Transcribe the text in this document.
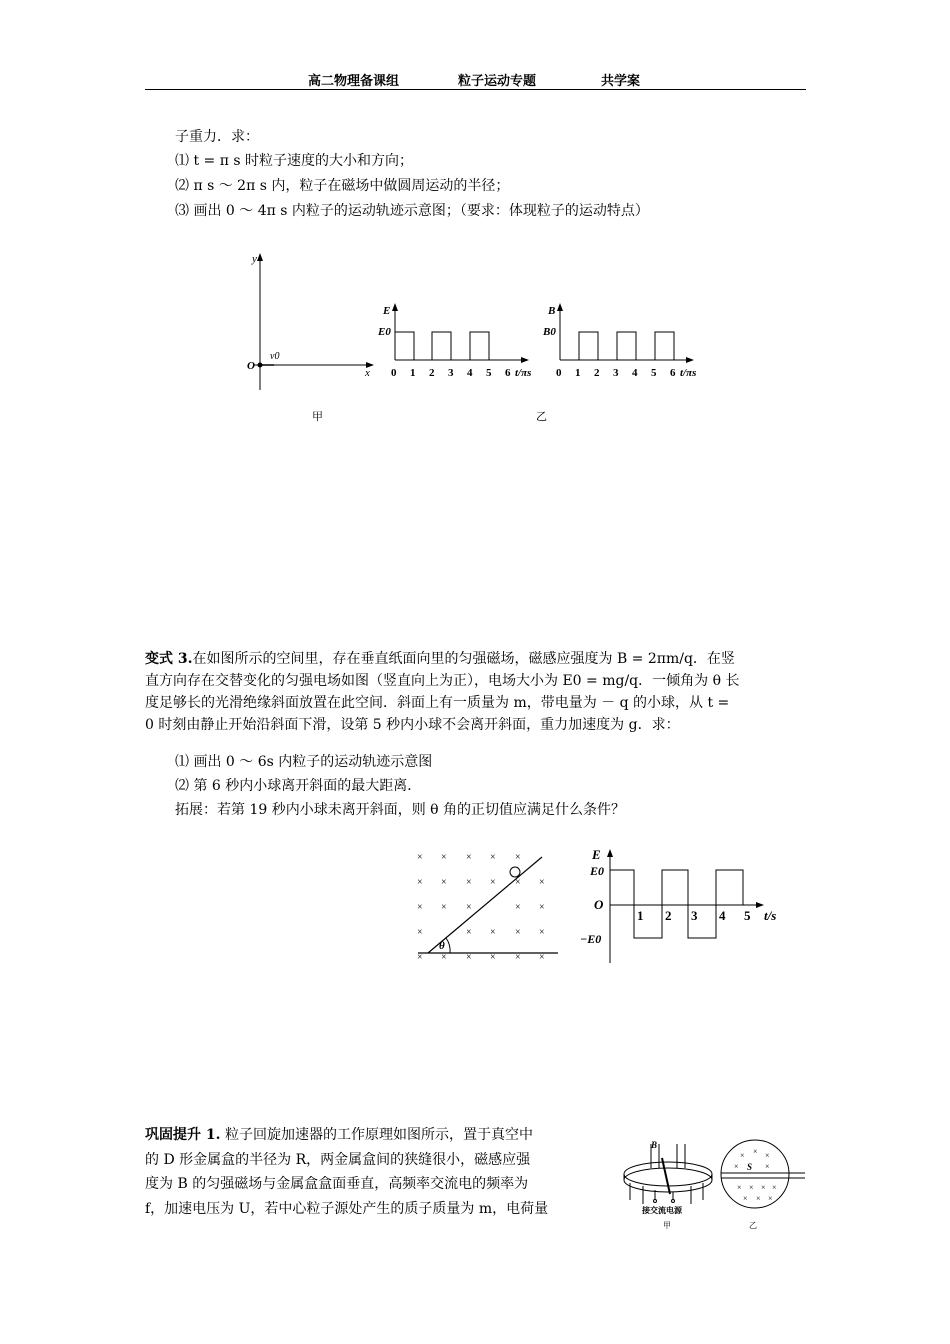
高二物理备课组	粒子运动专题	共学案
子重力．求：
⑴ t = π s 时粒子速度的大小和方向；
⑵ π s ～ 2π s 内，粒子在磁场中做圆周运动的半径；
⑶ 画出 0 ～ 4π s 内粒子的运动轨迹示意图；（要求：体现粒子的运动特点）
y
x
O
v0
甲
E
E0
0 1 2 3 4 5 6 t/πs
B
B0
0 1 2 3 4 5 6 t/πs
乙
变式 3.在如图所示的空间里，存在垂直纸面向里的匀强磁场，磁感应强度为 B = 2πm/q．在竖
直方向存在交替变化的匀强电场如图（竖直向上为正），电场大小为 E0 = mg/q．一倾角为 θ 长
度足够长的光滑绝缘斜面放置在此空间．斜面上有一质量为 m，带电量为 － q 的小球，从 t =
0 时刻由静止开始沿斜面下滑，设第 5 秒内小球不会离开斜面，重力加速度为 g．求：
⑴ 画出 0 ～ 6s 内粒子的运动轨迹示意图
⑵ 第 6 秒内小球离开斜面的最大距离．
拓展：若第 19 秒内小球未离开斜面，则 θ 角的正切值应满足什么条件？
× × × × ×
× × × × × ×
× × ×	× ×
×	× × × ×
× × × × × ×
θ
E
E0
O
−E0
1 2 3 4 5 t/s
巩固提升 1. 粒子回旋加速器的工作原理如图所示，置于真空中
的 D 形金属盒的半径为 R，两金属盒间的狭缝很小，磁感应强
度为 B 的匀强磁场与金属盒盒面垂直，高频率交流电的频率为
f，加速电压为 U，若中心粒子源处产生的质子质量为 m，电荷量
B
接交流电源
甲
× × ×
×	×
× × × ×
× × ×
S
乙
